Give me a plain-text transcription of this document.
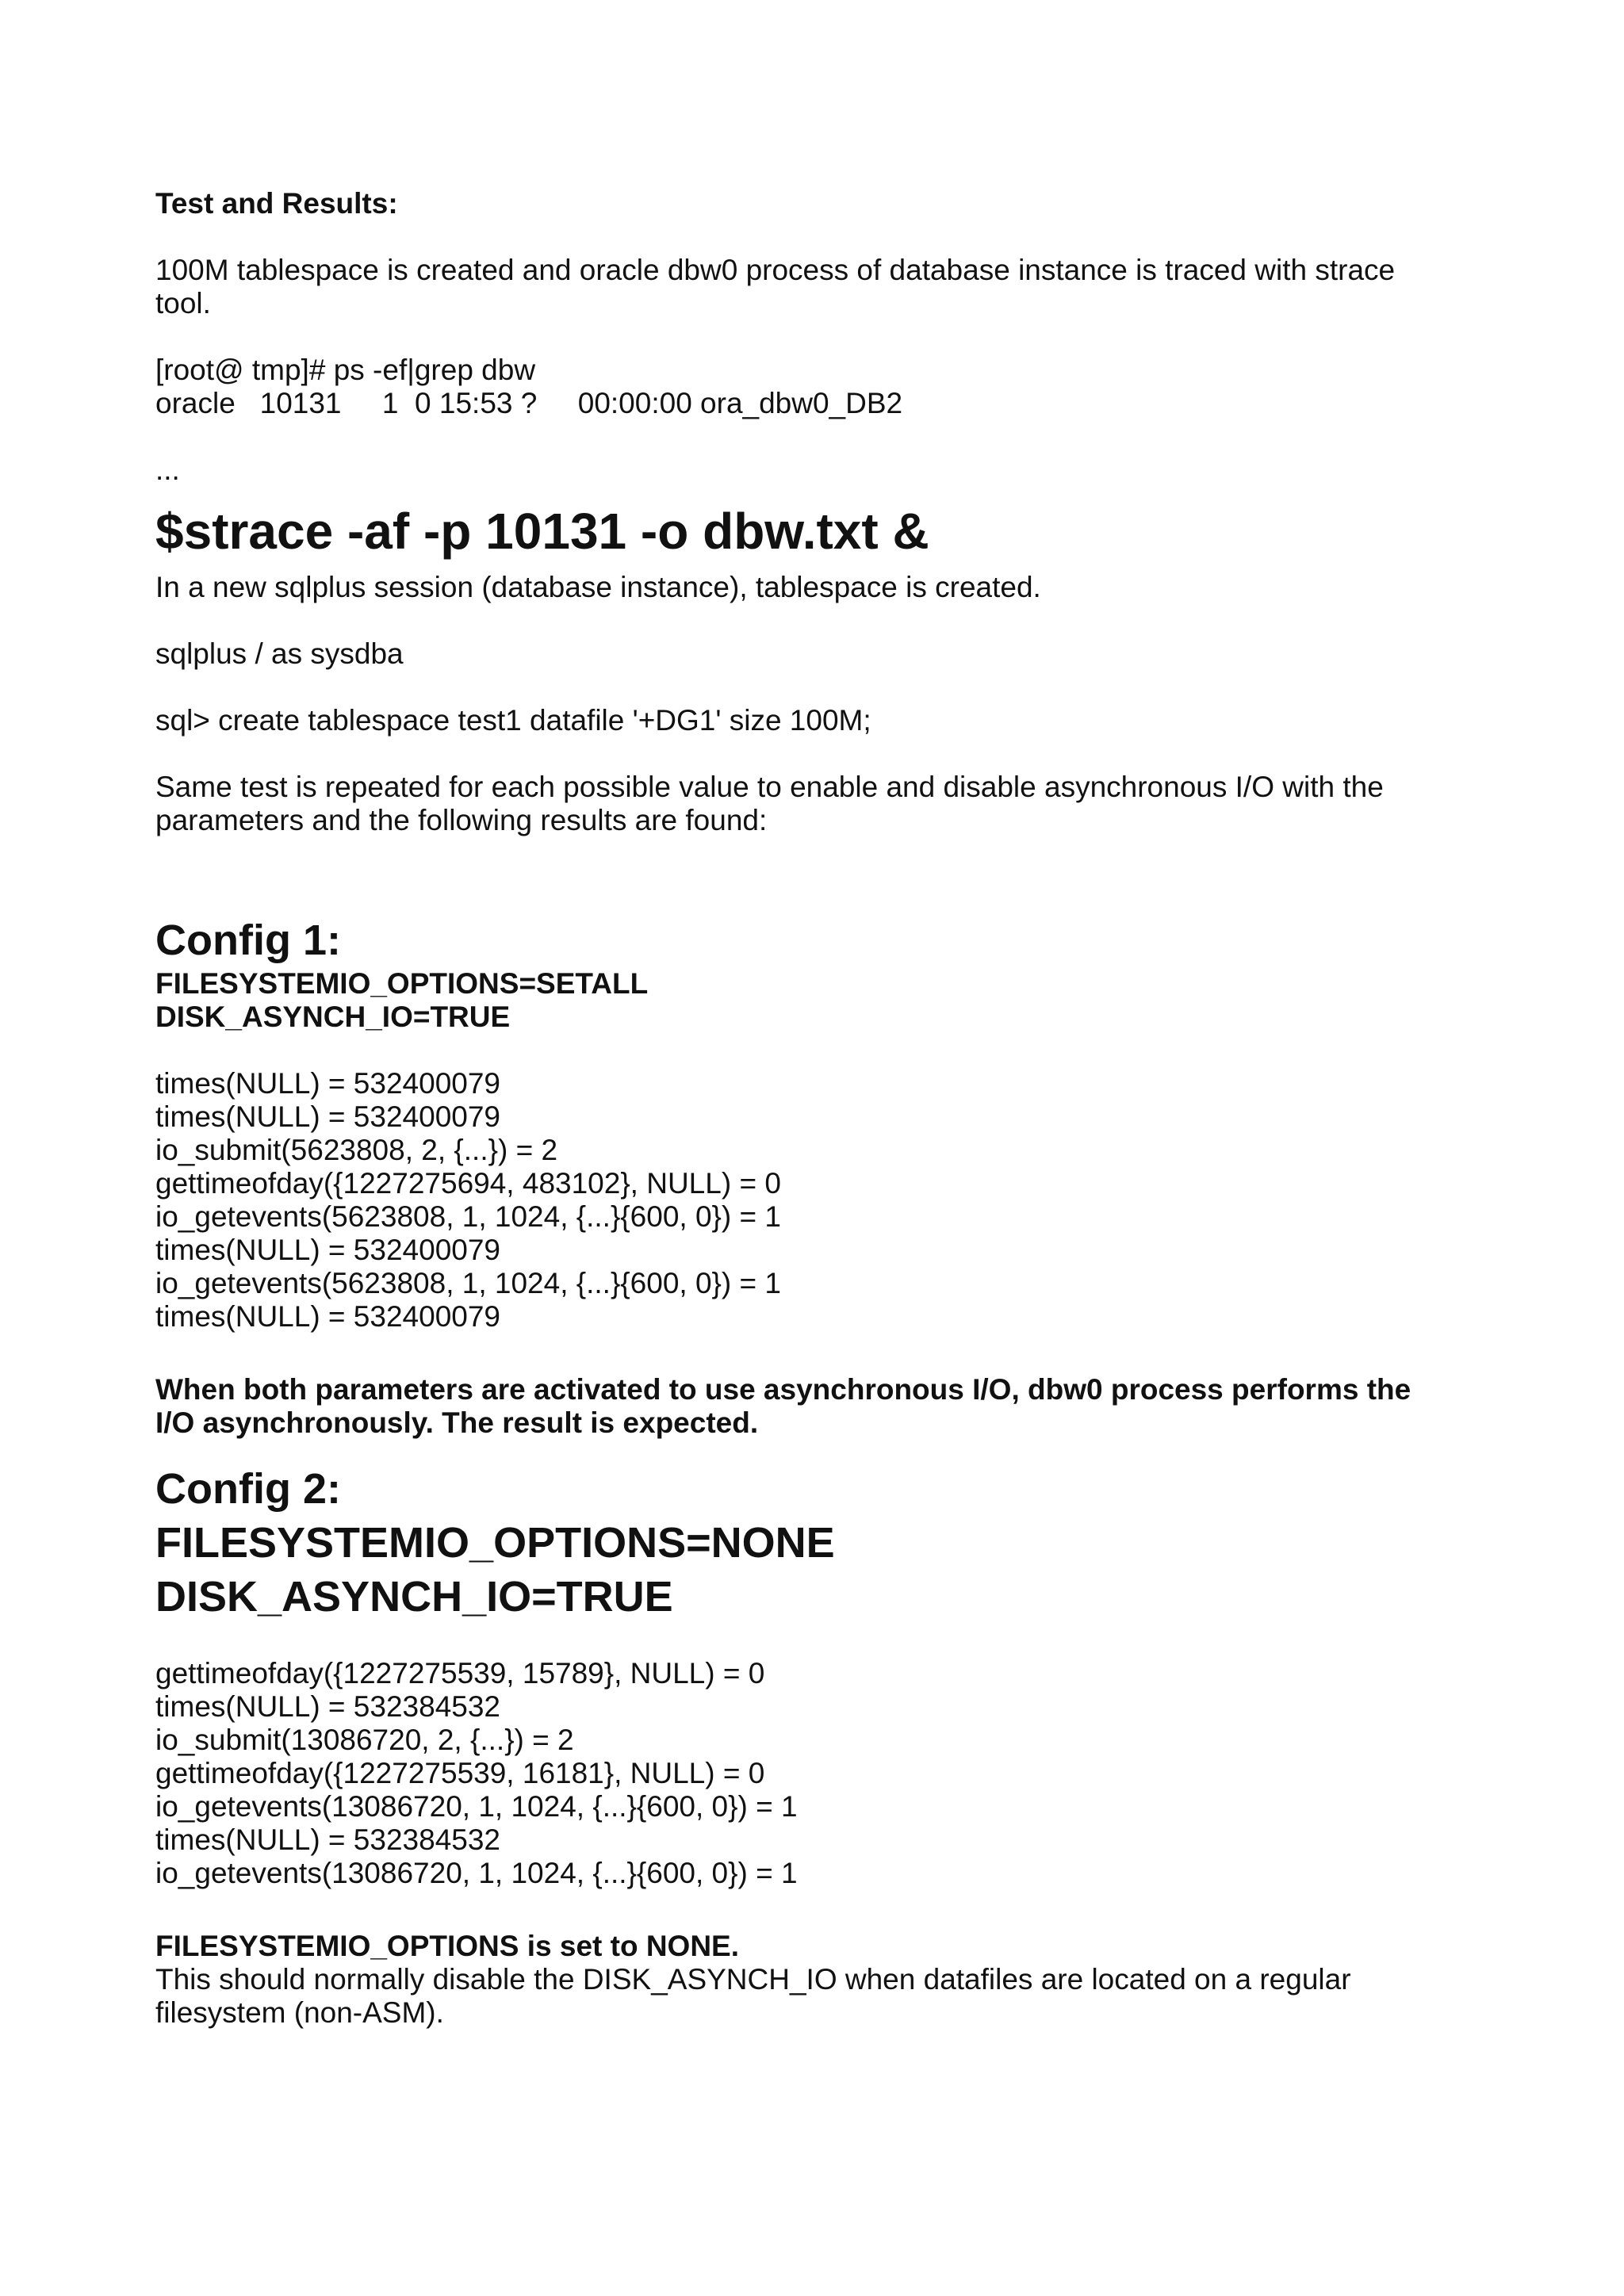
Test and Results:
100M tablespace is created and oracle dbw0 process of database instance is traced with strace
tool.
[root@ tmp]# ps -ef|grep dbw
oracle   10131     1  0 15:53 ?     00:00:00 ora_dbw0_DB2
...
$strace -af -p 10131 -o dbw.txt &
In a new sqlplus session (database instance), tablespace is created.
sqlplus / as sysdba
sql> create tablespace test1 datafile '+DG1' size 100M;
Same test is repeated for each possible value to enable and disable asynchronous I/O with the
parameters and the following results are found:
Config 1:
FILESYSTEMIO_OPTIONS=SETALL
DISK_ASYNCH_IO=TRUE
times(NULL) = 532400079
times(NULL) = 532400079
io_submit(5623808, 2, {...}) = 2
gettimeofday({1227275694, 483102}, NULL) = 0
io_getevents(5623808, 1, 1024, {...}{600, 0}) = 1
times(NULL) = 532400079
io_getevents(5623808, 1, 1024, {...}{600, 0}) = 1
times(NULL) = 532400079
When both parameters are activated to use asynchronous I/O, dbw0 process performs the
I/O asynchronously. The result is expected.
Config 2:
FILESYSTEMIO_OPTIONS=NONE
DISK_ASYNCH_IO=TRUE
gettimeofday({1227275539, 15789}, NULL) = 0
times(NULL) = 532384532
io_submit(13086720, 2, {...}) = 2
gettimeofday({1227275539, 16181}, NULL) = 0
io_getevents(13086720, 1, 1024, {...}{600, 0}) = 1
times(NULL) = 532384532
io_getevents(13086720, 1, 1024, {...}{600, 0}) = 1
FILESYSTEMIO_OPTIONS is set to NONE.
This should normally disable the DISK_ASYNCH_IO when datafiles are located on a regular
filesystem (non-ASM).
